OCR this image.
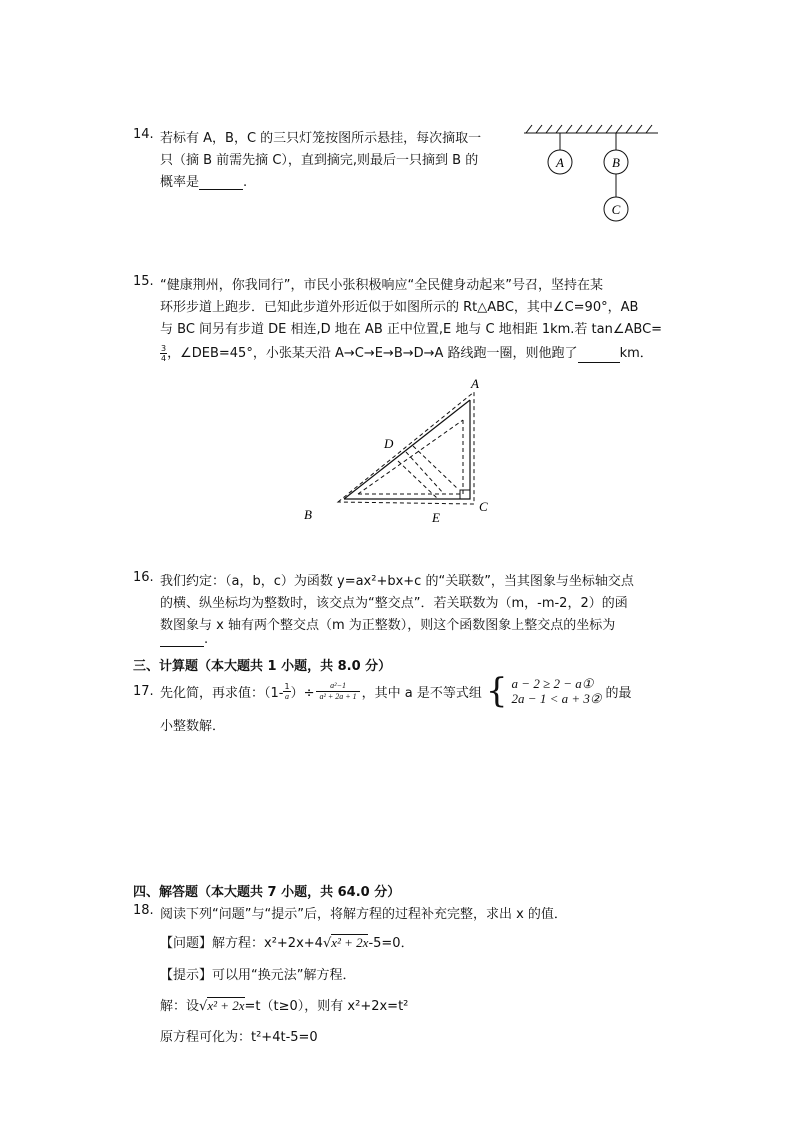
14. 若标有 A，B，C 的三只灯笼按图所示悬挂，每次摘取一
只（摘 B 前需先摘 C），直到摘完,则最后一只摘到 B 的
概率是	.
A	B
C
15. “健康荆州，你我同行”，市民小张积极响应“全民健身动起来”号召，坚持在某
环形步道上跑步．已知此步道外形近似于如图所示的 Rt△ABC，其中∠C=90°，AB
与 BC 间另有步道 DE 相连,D 地在 AB 正中位置,E 地与 C 地相距 1km.若 tan∠ABC=
$\frac{3}{4}$ ，∠DEB=45°，小张某天沿 A→C→E→B→D→A 路线跑一圈，则他跑了	km．
A
B
C
D
E
16. 我们约定：（a，b，c）为函数 y=ax²+bx+c 的“关联数”，当其图象与坐标轴交点
的横、纵坐标均为整数时，该交点为“整交点”．若关联数为（m，-m-2，2）的函
数图象与 x 轴有两个整交点（m 为正整数），则这个函数图象上整交点的坐标为
.
三、计算题（本大题共 1 小题，共 8.0 分）
17. 先化简，再求值：（$1- \frac{1}{a}$ ）÷ $\frac{\text{a²−1}}{\text{a² + 2a + 1}}$ ，其中 a 是不等式组 { a − 2 ≥ 2 − a①
2a − 1 < a + 3② 的最
小整数解．
四、解答题（本大题共 7 小题，共 64.0 分）
18. 阅读下列“问题”与“提示”后，将解方程的过程补充完整，求出 x 的值．
【问题】解方程：x²+2x+4√x² + 2x-5=0．
【提示】可以用“换元法”解方程．
解：设√x² + 2x=t（t≥0），则有 x²+2x=t²
原方程可化为：t²+4t-5=0
